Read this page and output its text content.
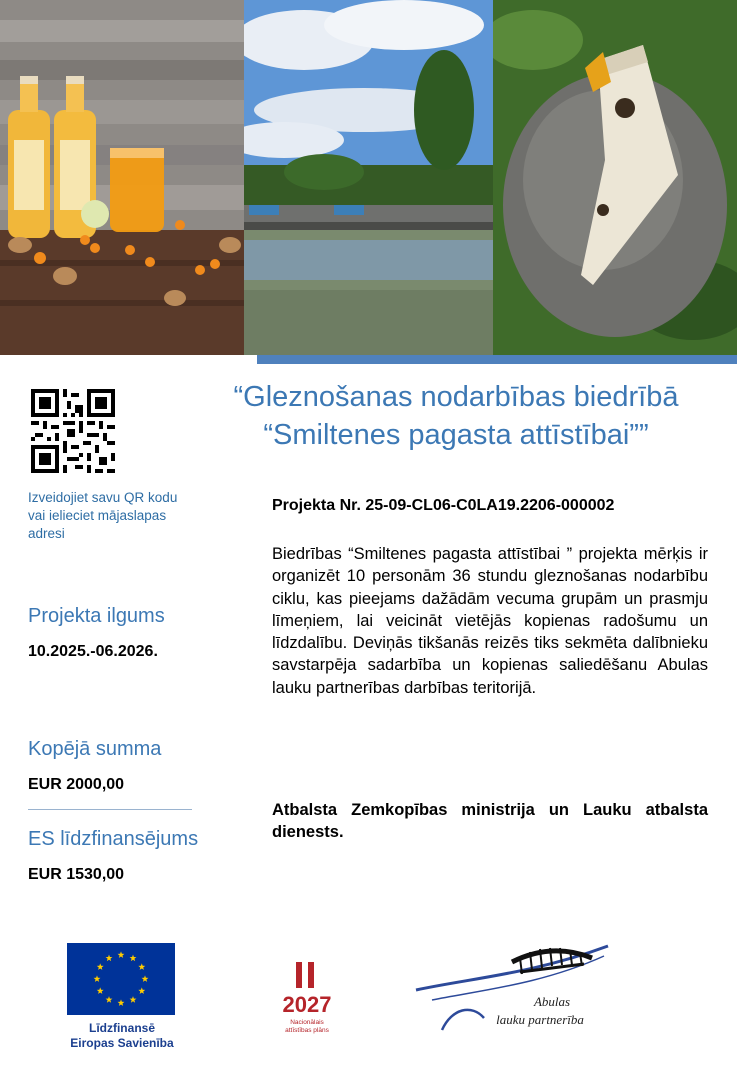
“Gleznošanas nodarbības biedrībā
“Smiltenes pagasta attīstībai””
Izveidojiet savu QR kodu vai ielieciet mājaslapas adresi
Projekta ilgums
10.2025.-06.2026.
Kopējā summa
EUR 2000,00
ES līdzfinansējums
EUR 1530,00
Projekta Nr. 25-09-CL06-C0LA19.2206-000002
Biedrības “Smiltenes pagasta attīstībai ” projekta mērķis ir organizēt 10 personām 36 stundu gleznošanas nodarbību ciklu, kas pieejams dažādām vecuma grupām un prasmju līmeņiem, lai veicināt vietējās kopienas radošumu un līdzdalību. Deviņās tikšanās reizēs tiks sekmēta dalībnieku savstarpēja sadarbība un kopienas saliedēšanu Abulas lauku partnerības darbības teritorijā.
Atbalsta Zemkopības ministrija un Lauku atbalsta dienests.
Līdzfinansē
Eiropas Savienība
2027
Nacionālais
attīstības plāns
Abulas
lauku partnerība
